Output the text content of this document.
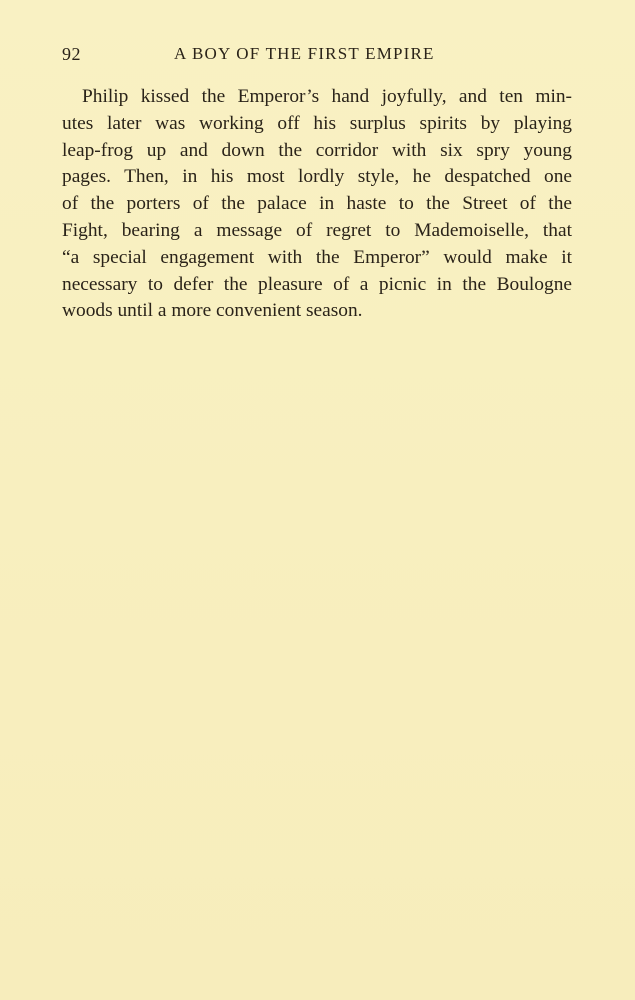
92	A BOY OF THE FIRST EMPIRE
Philip kissed the Emperor’s hand joyfully, and ten min-
utes later was working off his surplus spirits by playing
leap-frog up and down the corridor with six spry young
pages. Then, in his most lordly style, he despatched one
of the porters of the palace in haste to the Street of the
Fight, bearing a message of regret to Mademoiselle, that
“a special engagement with the Emperor” would make it
necessary to defer the pleasure of a picnic in the Boulogne
woods until a more convenient season.
